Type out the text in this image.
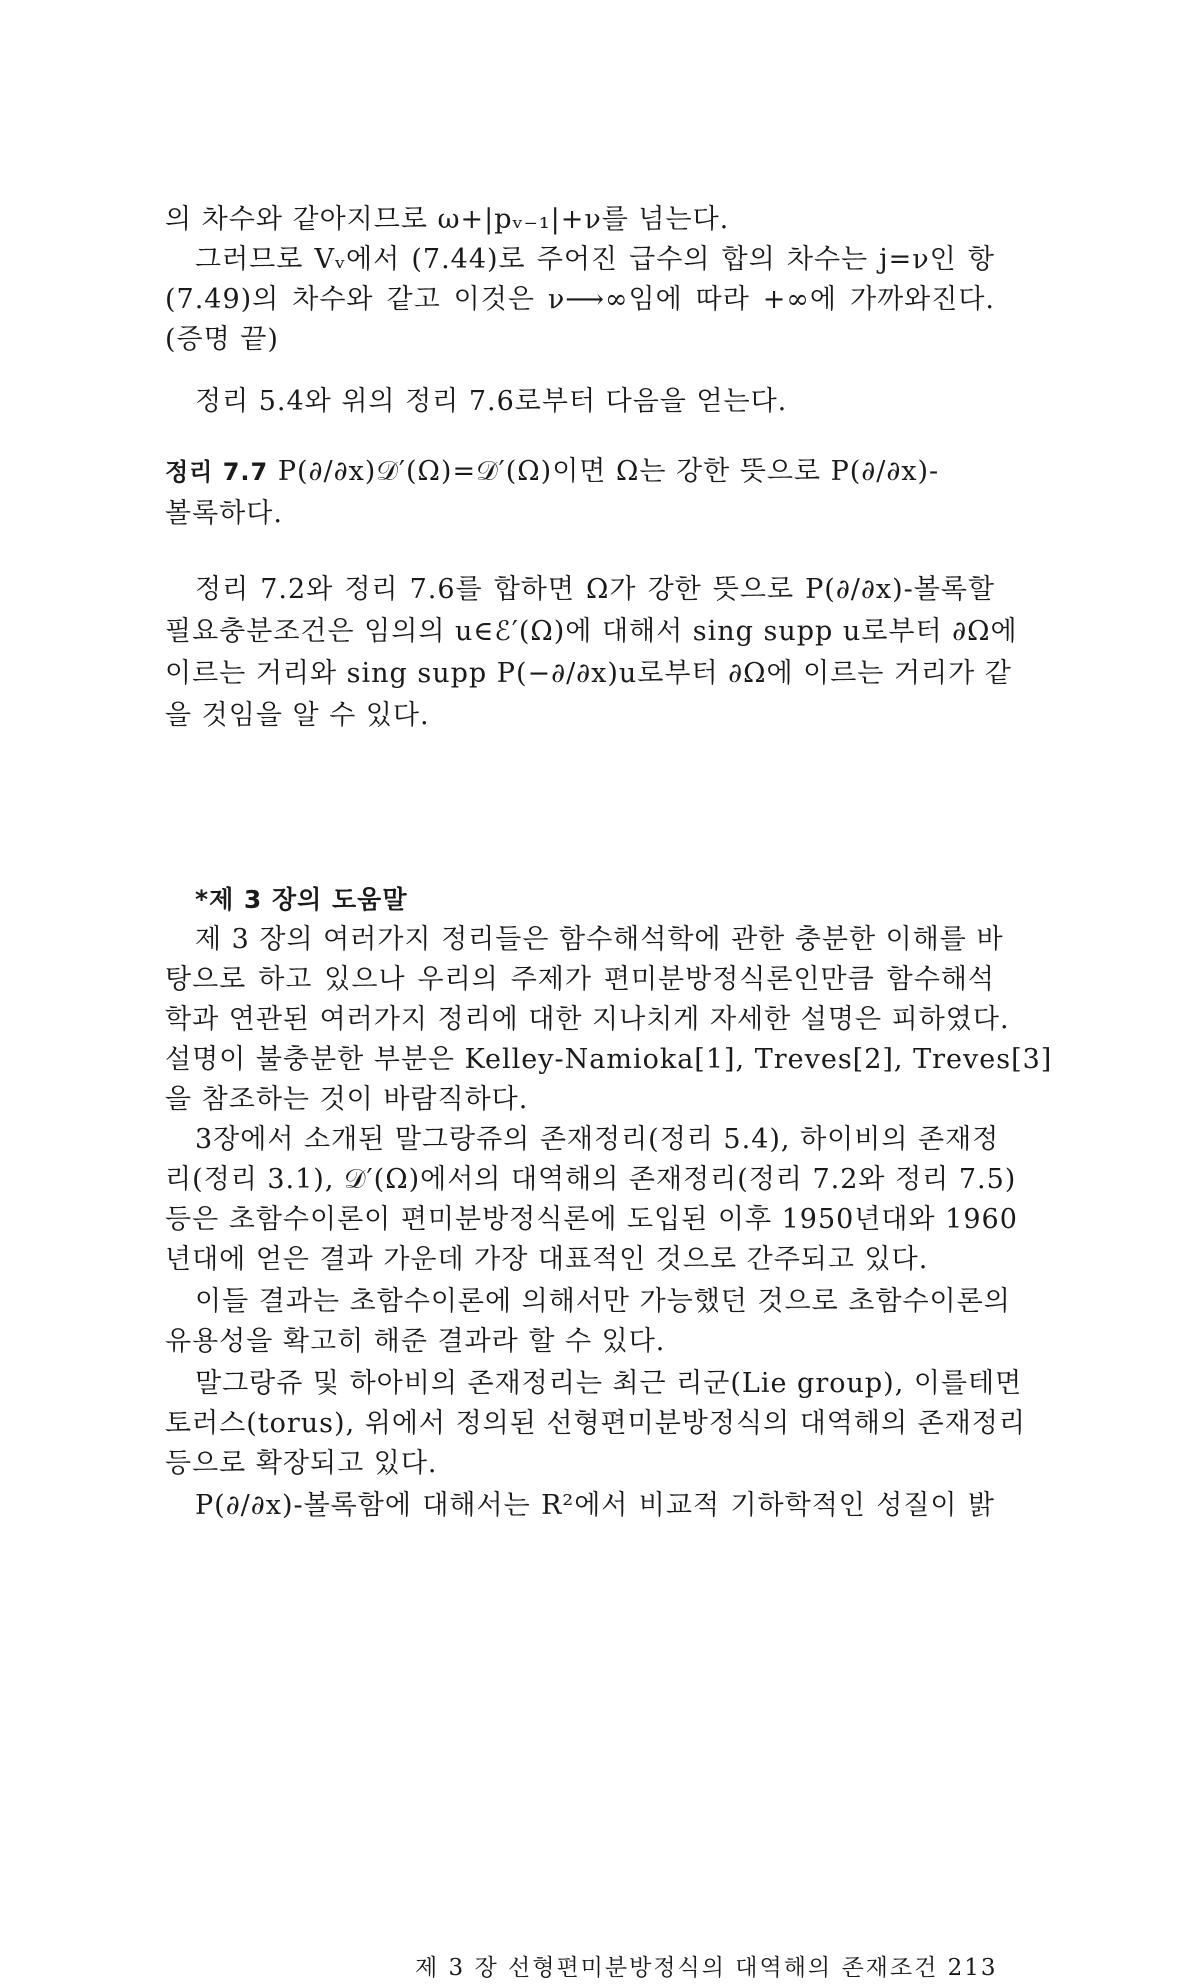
의 차수와 같아지므로 ω+|pᵥ₋₁|+ν를 넘는다.
그러므로 Vᵥ에서 (7.44)로 주어진 급수의 합의 차수는 j=ν인 항
(7.49)의 차수와 같고 이것은 ν⟶∞임에 따라 +∞에 가까와진다.
(증명 끝)
정리 5.4와 위의 정리 7.6로부터 다음을 얻는다.
정리 7.7 P(∂/∂x)𝒟′(Ω)=𝒟′(Ω)이면 Ω는 강한 뜻으로 P(∂/∂x)-
볼록하다.
정리 7.2와 정리 7.6를 합하면 Ω가 강한 뜻으로 P(∂/∂x)-볼록할
필요충분조건은 임의의 u∈ℰ′(Ω)에 대해서 sing supp u로부터 ∂Ω에
이르는 거리와 sing supp P(−∂/∂x)u로부터 ∂Ω에 이르는 거리가 같
을 것임을 알 수 있다.
*제 3 장의 도움말
제 3 장의 여러가지 정리들은 함수해석학에 관한 충분한 이해를 바
탕으로 하고 있으나 우리의 주제가 편미분방정식론인만큼 함수해석
학과 연관된 여러가지 정리에 대한 지나치게 자세한 설명은 피하였다.
설명이 불충분한 부분은 Kelley-Namioka[1], Treves[2], Treves[3]
을 참조하는 것이 바람직하다.
3장에서 소개된 말그랑쥬의 존재정리(정리 5.4), 하이비의 존재정
리(정리 3.1), 𝒟′(Ω)에서의 대역해의 존재정리(정리 7.2와 정리 7.5)
등은 초함수이론이 편미분방정식론에 도입된 이후 1950년대와 1960
년대에 얻은 결과 가운데 가장 대표적인 것으로 간주되고 있다.
이들 결과는 초함수이론에 의해서만 가능했던 것으로 초함수이론의
유용성을 확고히 해준 결과라 할 수 있다.
말그랑쥬 및 하아비의 존재정리는 최근 리군(Lie group), 이를테면
토러스(torus), 위에서 정의된 선형편미분방정식의 대역해의 존재정리
등으로 확장되고 있다.
P(∂/∂x)-볼록함에 대해서는 R²에서 비교적 기하학적인 성질이 밝
제 3 장 선형편미분방정식의 대역해의 존재조건 213
